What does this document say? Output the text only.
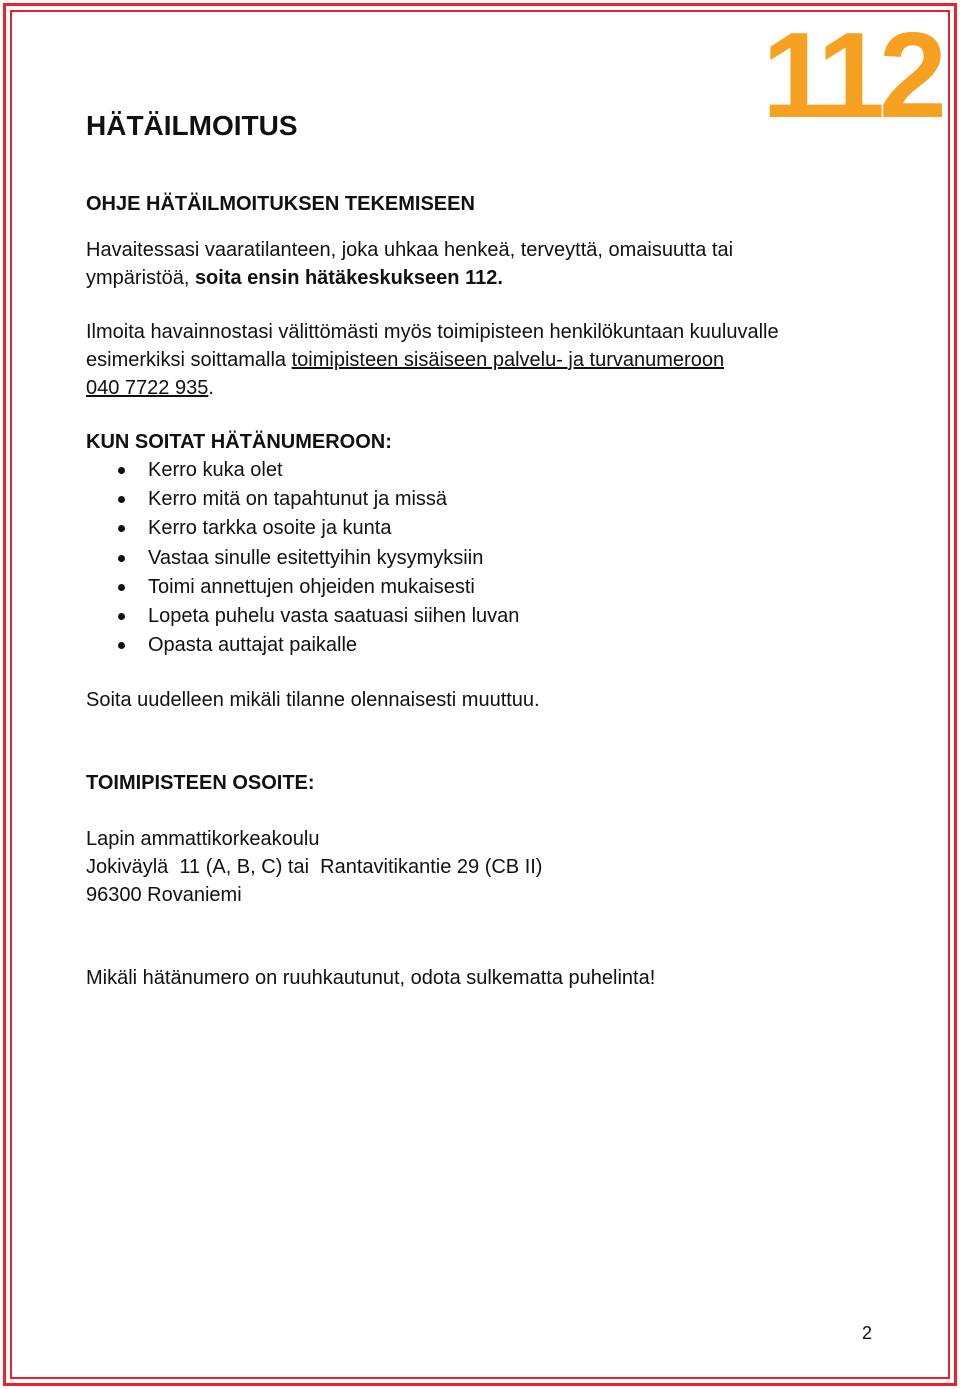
112
HÄTÄILMOITUS
OHJE HÄTÄILMOITUKSEN TEKEMISEEN

Havaitessasi vaaratilanteen, joka uhkaa henkeä, terveyttä, omaisuutta tai
ympäristöä, soita ensin hätäkeskukseen 112.

Ilmoita havainnostasi välittömästi myös toimipisteen henkilökuntaan kuuluvalle
esimerkiksi soittamalla toimipisteen sisäiseen palvelu- ja turvanumeroon
040 7722 935.

KUN SOITAT HÄTÄNUMEROON:
Kerro kuka olet
Kerro mitä on tapahtunut ja missä
Kerro tarkka osoite ja kunta
Vastaa sinulle esitettyihin kysymyksiin
Toimi annettujen ohjeiden mukaisesti
Lopeta puhelu vasta saatuasi siihen luvan
Opasta auttajat paikalle

Soita uudelleen mikäli tilanne olennaisesti muuttuu.

TOIMIPISTEEN OSOITE:

Lapin ammattikorkeakoulu
Jokiväylä  11 (A, B, C) tai  Rantavitikantie 29 (CB II)
96300 Rovaniemi

Mikäli hätänumero on ruuhkautunut, odota sulkematta puhelinta!

2
